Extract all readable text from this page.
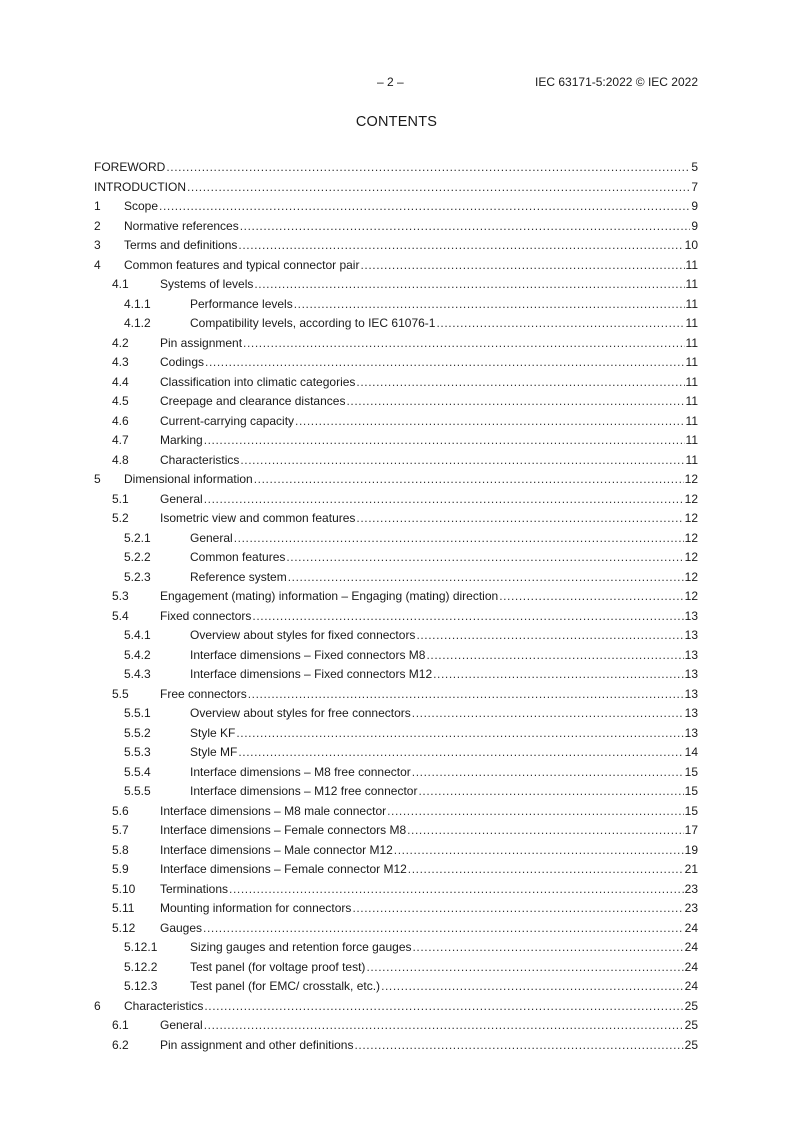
– 2 –	IEC 63171-5:2022 © IEC 2022
CONTENTS
FOREWORD .....	5
INTRODUCTION .....	7
1	Scope .....	9
2	Normative references .....	9
3	Terms and definitions .....	10
4	Common features and typical connector pair .....	11
4.1	Systems of levels .....	11
4.1.1	Performance levels .....	11
4.1.2	Compatibility levels, according to IEC 61076-1 .....	11
4.2	Pin assignment .....	11
4.3	Codings .....	11
4.4	Classification into climatic categories .....	11
4.5	Creepage and clearance distances .....	11
4.6	Current-carrying capacity .....	11
4.7	Marking .....	11
4.8	Characteristics .....	11
5	Dimensional information .....	12
5.1	General .....	12
5.2	Isometric view and common features .....	12
5.2.1	General .....	12
5.2.2	Common features .....	12
5.2.3	Reference system .....	12
5.3	Engagement (mating) information – Engaging (mating) direction .....	12
5.4	Fixed connectors .....	13
5.4.1	Overview about styles for fixed connectors .....	13
5.4.2	Interface dimensions – Fixed connectors M8 .....	13
5.4.3	Interface dimensions – Fixed connectors M12 .....	13
5.5	Free connectors .....	13
5.5.1	Overview about styles for free connectors .....	13
5.5.2	Style KF .....	13
5.5.3	Style MF .....	14
5.5.4	Interface dimensions – M8 free connector .....	15
5.5.5	Interface dimensions – M12 free connector .....	15
5.6	Interface dimensions – M8 male connector .....	15
5.7	Interface dimensions – Female connectors M8 .....	17
5.8	Interface dimensions – Male connector M12 .....	19
5.9	Interface dimensions – Female connector M12 .....	21
5.10	Terminations .....	23
5.11	Mounting information for connectors .....	23
5.12	Gauges .....	24
5.12.1	Sizing gauges and retention force gauges .....	24
5.12.2	Test panel (for voltage proof test) .....	24
5.12.3	Test panel (for EMC/ crosstalk, etc.) .....	24
6	Characteristics .....	25
6.1	General .....	25
6.2	Pin assignment and other definitions .....	25
